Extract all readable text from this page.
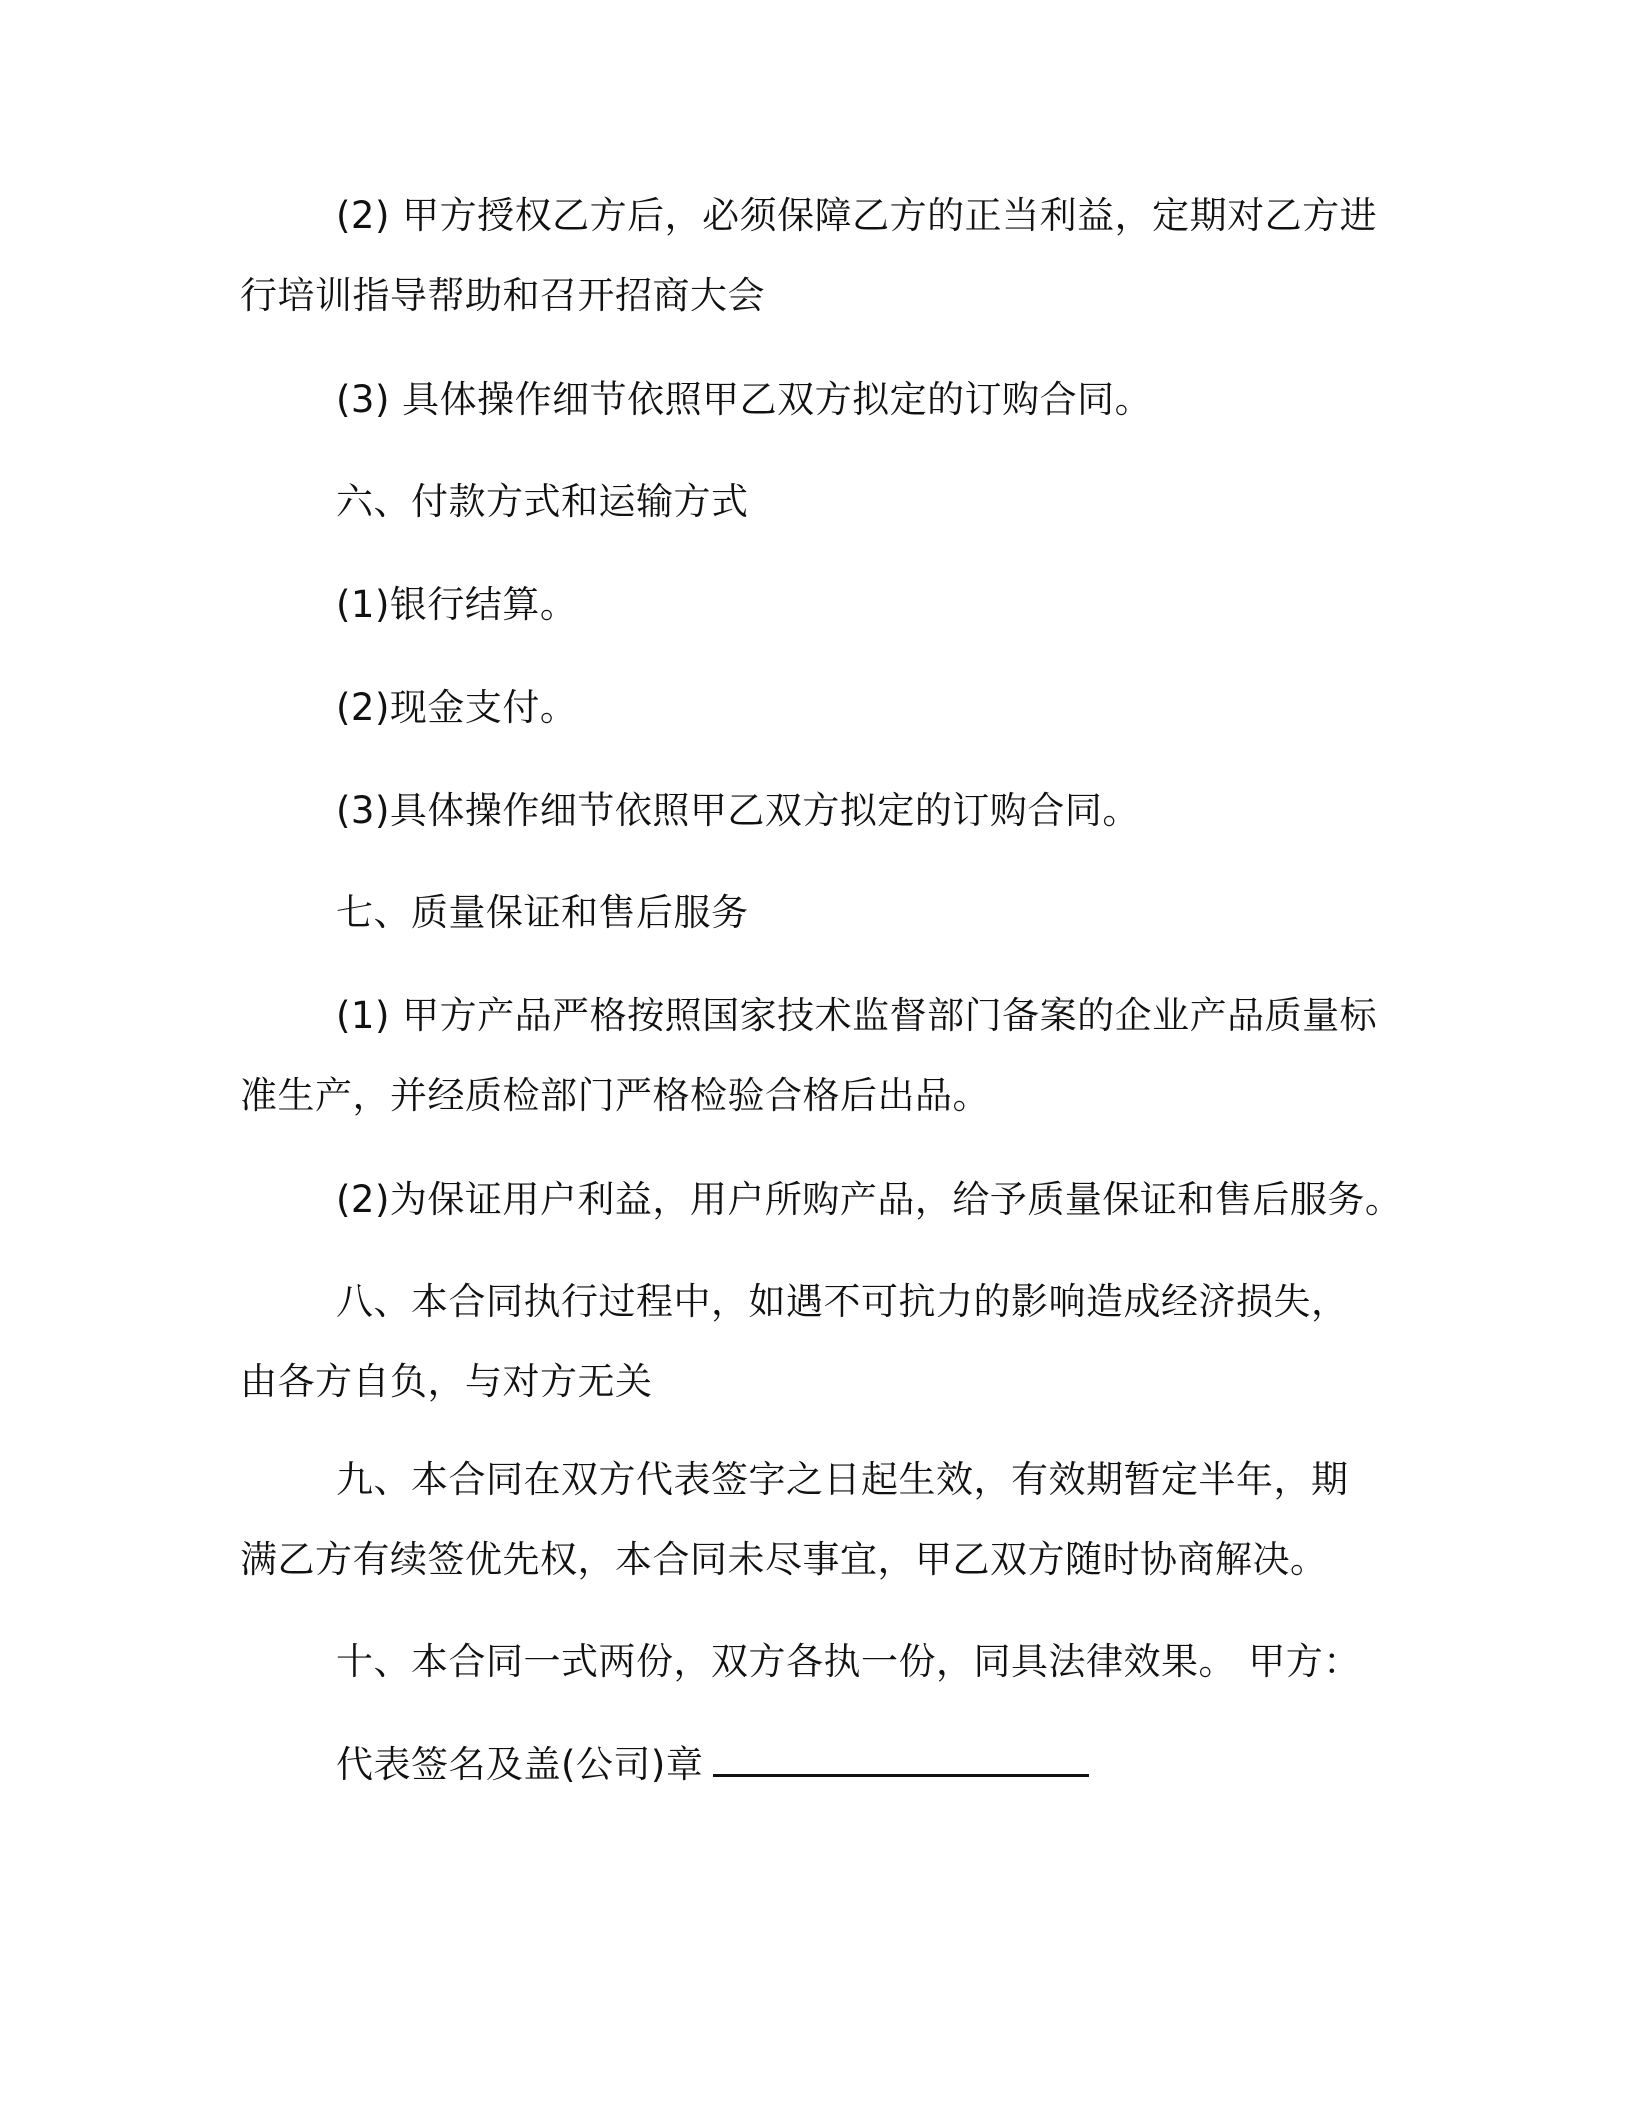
(2) 甲方授权乙方后，必须保障乙方的正当利益，定期对乙方进行培训指导帮助和召开招商大会

(3) 具体操作细节依照甲乙双方拟定的订购合同。

六、付款方式和运输方式

(1)银行结算。

(2)现金支付。

(3)具体操作细节依照甲乙双方拟定的订购合同。

七、质量保证和售后服务

(1) 甲方产品严格按照国家技术监督部门备案的企业产品质量标准生产，并经质检部门严格检验合格后出品。

(2)为保证用户利益，用户所购产品，给予质量保证和售后服务。

八、本合同执行过程中，如遇不可抗力的影响造成经济损失，由各方自负，与对方无关

九、本合同在双方代表签字之日起生效，有效期暂定半年，期满乙方有续签优先权，本合同未尽事宜，甲乙双方随时协商解决。

十、本合同一式两份，双方各执一份，同具法律效果。 甲方：

代表签名及盖(公司)章
